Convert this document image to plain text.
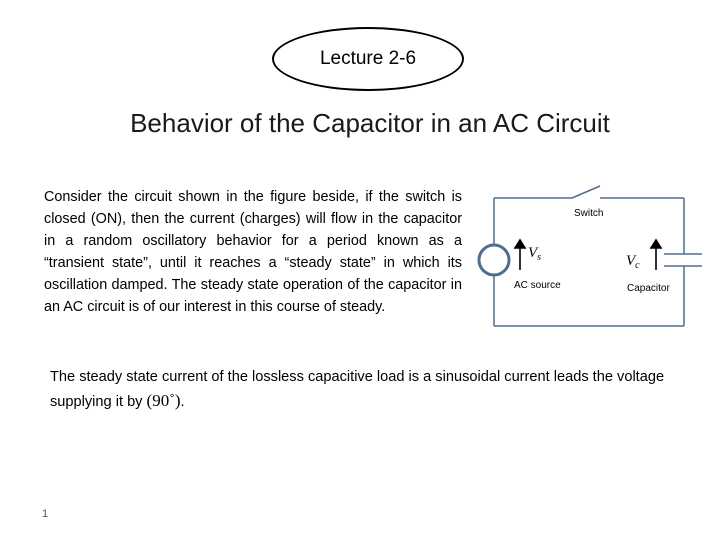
Lecture 2-6
Behavior of the Capacitor in an AC Circuit
Consider the circuit shown in the figure beside, if the switch is closed (ON), then the current (charges) will flow in the capacitor in a random oscillatory behavior for a period known as a “transient state”, until it reaches a “steady state” in which its oscillation damped. The steady state operation of the capacitor in an AC circuit is of our interest in this course of steady.
Switch
AC source	Capacitor
$V_s$	$V_c$
The steady state current of the lossless capacitive load is a sinusoidal current leads the voltage supplying it by (90˚).
1
